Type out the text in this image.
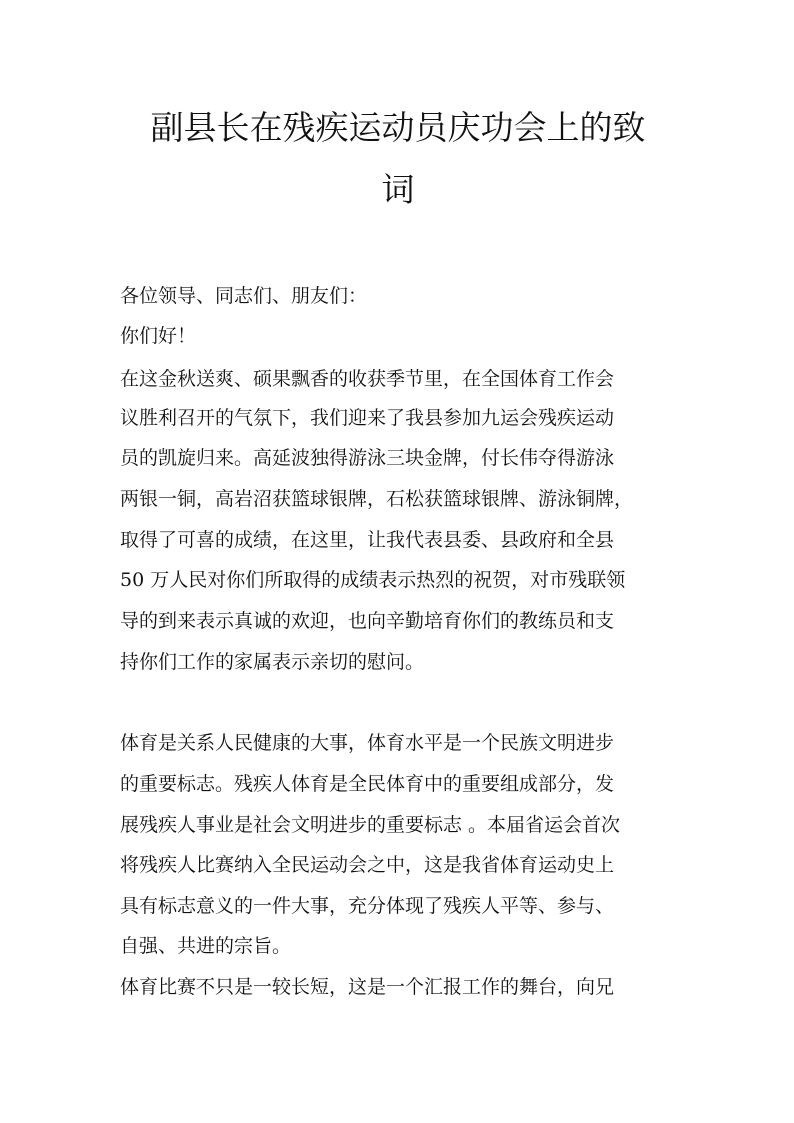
副县长在残疾运动员庆功会上的致
词
各位领导、同志们、朋友们：
你们好！
在这金秋送爽、硕果飘香的收获季节里，在全国体育工作会
议胜利召开的气氛下，我们迎来了我县参加九运会残疾运动
员的凯旋归来。高延波独得游泳三块金牌，付长伟夺得游泳
两银一铜，高岩沼获篮球银牌，石松获篮球银牌、游泳铜牌，
取得了可喜的成绩，在这里，让我代表县委、县政府和全县
50 万人民对你们所取得的成绩表示热烈的祝贺，对市残联领
导的到来表示真诚的欢迎，也向辛勤培育你们的教练员和支
持你们工作的家属表示亲切的慰问。
体育是关系人民健康的大事，体育水平是一个民族文明进步
的重要标志。残疾人体育是全民体育中的重要组成部分，发
展残疾人事业是社会文明进步的重要标志 。本届省运会首次
将残疾人比赛纳入全民运动会之中，这是我省体育运动史上
具有标志意义的一件大事，充分体现了残疾人平等、参与、
自强、共进的宗旨。
体育比赛不只是一较长短，这是一个汇报工作的舞台，向兄
